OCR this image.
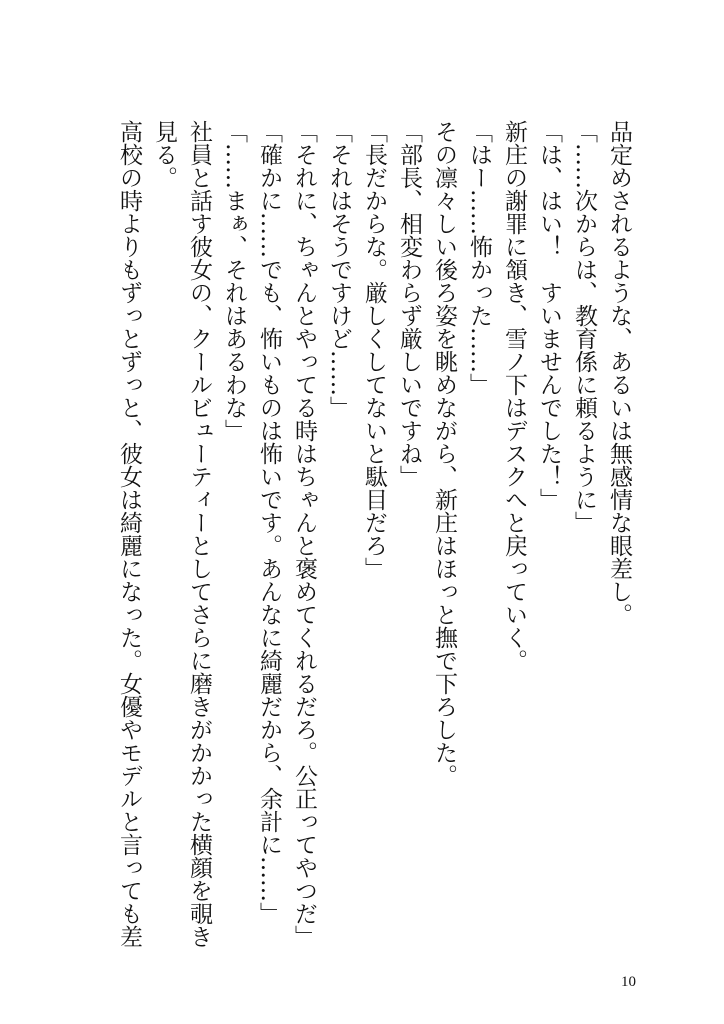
品定めされるような、あるいは無感情な眼差し。

「……次からは、教育係に頼るように」

「は、はい！　すいませんでした！」

新庄の謝罪に頷き、雪ノ下はデスクへと戻っていく。

「はー……怖かった……」

その凛々しい後ろ姿を眺めながら、新庄はほっと撫で下ろした。

「部長、相変わらず厳しいですね」

「長だからな。厳しくしてないと駄目だろ」

「それはそうですけど……」

「それに、ちゃんとやってる時はちゃんと褒めてくれるだろ。公正ってやつだ」

「確かに……でも、怖いものは怖いです。あんなに綺麗だから、余計に……」

「……まぁ、それはあるわな」

社員と話す彼女の、クールビューティーとしてさらに磨きがかかった横顔を覗き

見る。

高校の時よりもずっとずっと、彼女は綺麗になった。女優やモデルと言っても差

10
